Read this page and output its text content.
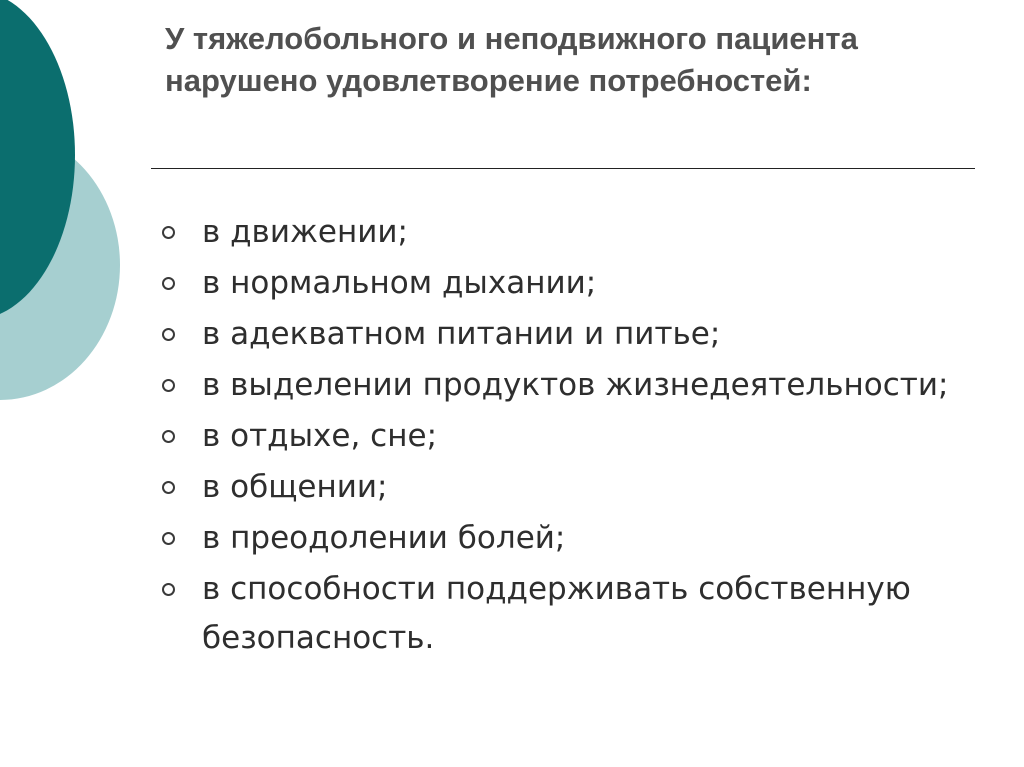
У тяжелобольного и неподвижного пациента нарушено удовлетворение потребностей:
в движении;
в нормальном дыхании;
в адекватном питании и питье;
в выделении продуктов жизнедеятельности;
в отдыхе, сне;
в общении;
в преодолении болей;
в способности поддерживать собственную безопасность.
